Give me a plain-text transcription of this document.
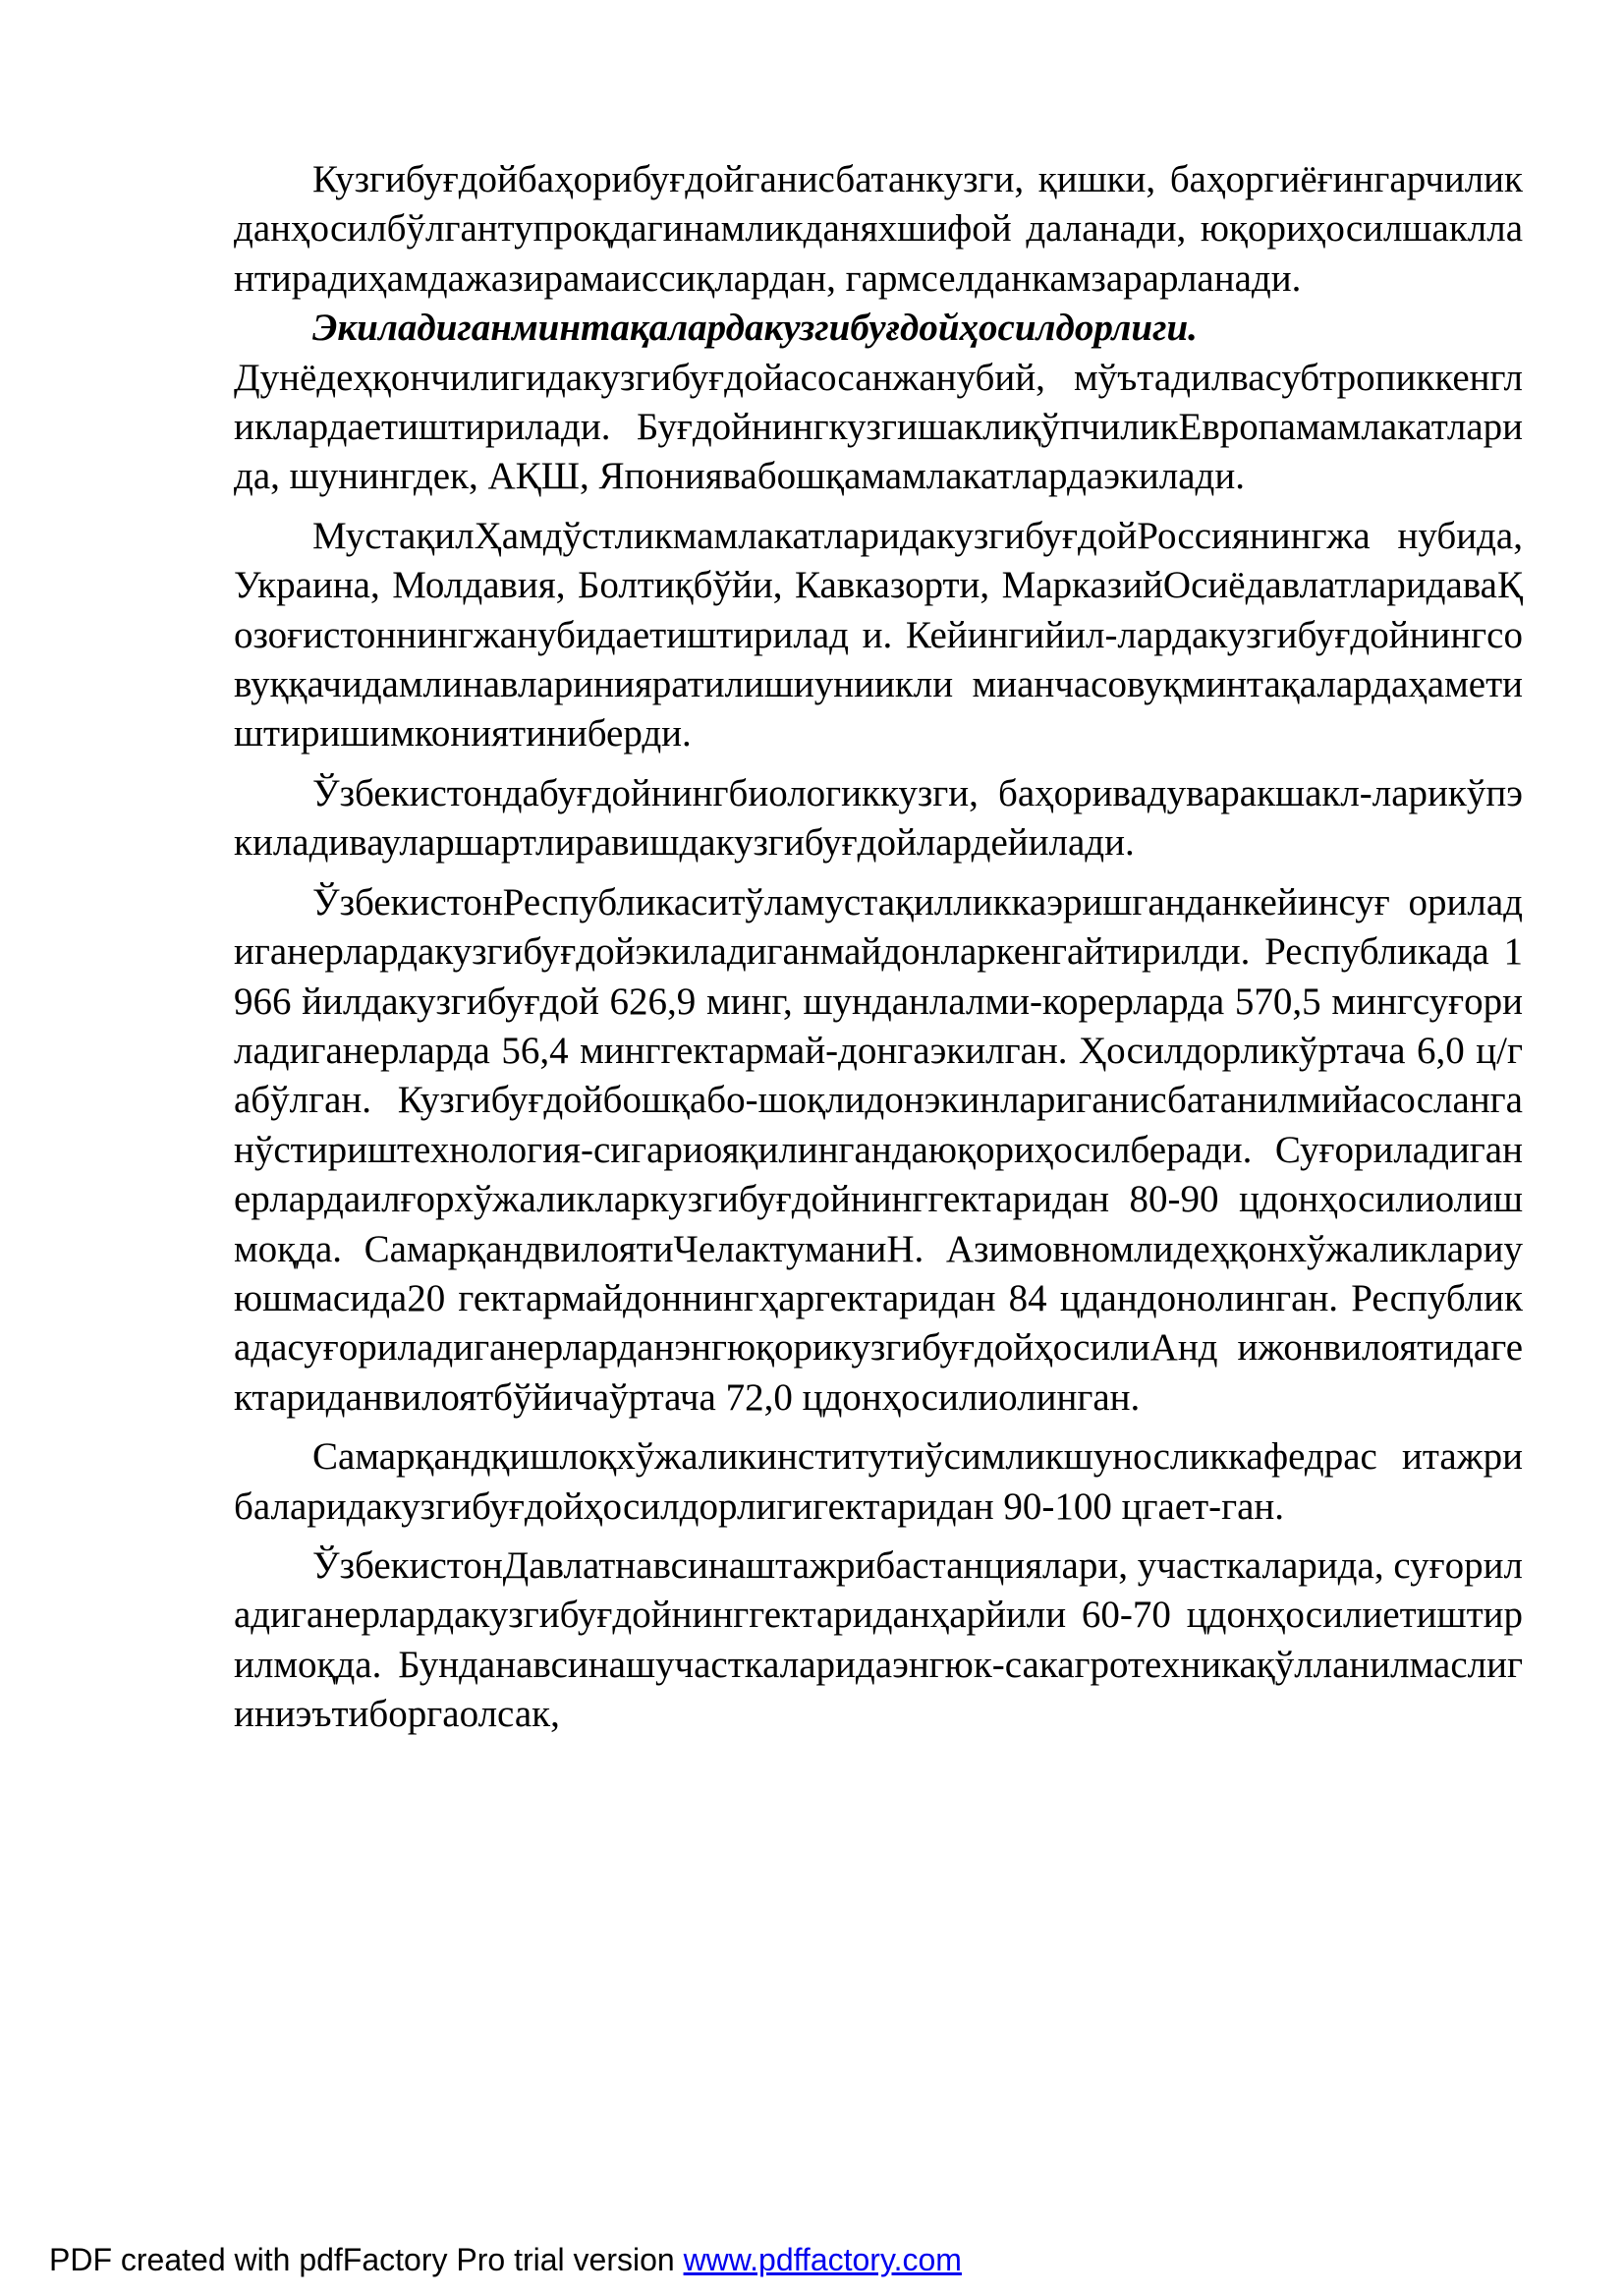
Кузгибуғдойбаҳорибуғдойганисбатанкузги, қишки, баҳоргиёғингарчиликданҳосилбўлгантупроқдагинамликданяхшифой даланади, юқориҳосилшакллантирадиҳамдажазирамаиссиқлардан, гармселданкамзарарланади.

Экиладиганминтақалардакузгибуғдойҳосилдорлиги.

Дунёдеҳқончилигидакузгибуғдойасосанжанубий, мўътадилвасубтропиккенгликлардаетиштирилади. БуғдойнингкузгишаклиқўпчиликЕвропамамлакатларида, шунингдек, АҚШ, Япониявабошқамамлакатлардаэкилади.

МустақилҲамдўстликмамлакатларидакузгибуғдойРоссиянингжа нубида, Украина, Молдавия, Болтиқбўйи, Кавказорти, МарказийОсиёдавлатларидаваҚозоғистоннингжанубидаетиштирилад и. Кейингийил-лардакузгибуғдойнингсовуққачидамлинавларинияратилишиуниикли мианчасовуқминтақалардаҳаметиштиришимкониятиниберди.

Ўзбекистондабуғдойнингбиологиккузги, баҳоривадуваракшакл-ларикўпэкиладивауларшартлиравишдакузгибуғдойлардейилади.

ЎзбекистонРеспубликаситўламустақилликкаэришганданкейинсуғ ориладиганерлардакузгибуғдойэкиладиганмайдонларкенгайтирилди. Республикада 1966 йилдакузгибуғдой 626,9 минг, шунданлалми-корерларда 570,5 мингсуғориладиганерларда 56,4 минггектармай-донгаэкилган. Ҳосилдорликўртача 6,0 ц/габўлган. Кузгибуғдойбошқабо-шоқлидонэкинлариганисбатанилмийасосланганўстириштехнология-сигариояқилингандаюқориҳосилберади. Суғориладиганерлардаилғорхўжаликларкузгибуғдойнинггектаридан 80-90 цдонҳосилиолишмоқда. СамарқандвилоятиЧелактуманиН. Азимовномлидеҳқонхўжаликлариуюшмасида20 гектармайдоннингҳаргектаридан 84 цдандонолинган. РеспубликадасуғориладиганерларданэнгюқорикузгибуғдойҳосилиАнд ижонвилоятидагектариданвилоятбўйичаўртача 72,0 цдонҳосилиолинган.

Самарқандқишлоқхўжаликинститутиўсимликшуносликкафедрас итажрибаларидакузгибуғдойҳосилдорлигигектаридан 90-100 цгает-ган.

ЎзбекистонДавлатнавсинаштажрибастанциялари, участкаларида, суғориладиганерлардакузгибуғдойнинггектариданҳарйили 60-70 цдонҳосилиетиштирилмоқда. Бунданавсинашучасткаларидаэнгюк-сакагротехникақўлланилмаслигиниэътиборгаолсак,

PDF created with pdfFactory Pro trial version www.pdffactory.com
